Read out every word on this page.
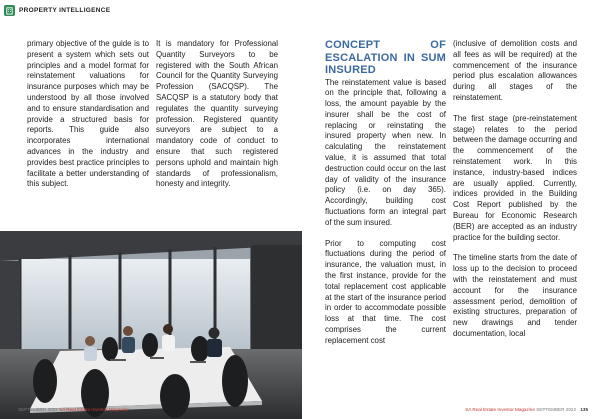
PROPERTY INTELLIGENCE

primary objective of the guide is to present a system which sets out principles and a model format for reinstatement valuations for insurance purposes which may be understood by all those involved and to ensure standardisation and provide a structured basis for reports. This guide also incorporates international advances in the industry and provides best practice principles to facilitate a better understanding of this subject.

It is mandatory for Professional Quantity Surveyors to be registered with the South African Council for the Quantity Surveying Profession (SACQSP). The SACQSP is a statutory body that regulates the quantity surveying profession. Registered quantity surveyors are subject to a mandatory code of conduct to ensure that such registered persons uphold and maintain high standards of professionalism, honesty and integrity.

CONCEPT OF ESCALATION IN SUM INSURED

The reinstatement value is based on the principle that, following a loss, the amount payable by the insurer shall be the cost of replacing or reinstating the insured property when new. In calculating the reinstatement value, it is assumed that total destruction could occur on the last day of validity of the insurance policy (i.e. on day 365). Accordingly, building cost fluctuations form an integral part of the sum insured.

Prior to computing cost fluctuations during the period of insurance, the valuation must, in the first instance, provide for the total replacement cost applicable at the start of the insurance period in order to accommodate possible loss at that time. The cost comprises the current replacement cost

(inclusive of demolition costs and all fees as will be required) at the commencement of the insurance period plus escalation allowances during all stages of the reinstatement.

The first stage (pre-reinstatement stage) relates to the period between the damage occurring and the commencement of the reinstatement work. In this instance, industry-based indices are usually applied. Currently, indices provided in the Building Cost Report published by the Bureau for Economic Research (BER) are accepted as an industry practice for the building sector.

The timeline starts from the date of loss up to the decision to proceed with the reinstatement and must account for the insurance assessment period, demolition of existing structures, preparation of new drawings and tender documentation, local

SEPTEMBER 2022 SA Real Estate Investor Magazine	SA Real Estate Investor Magazine SEPTEMBER 2022 135
